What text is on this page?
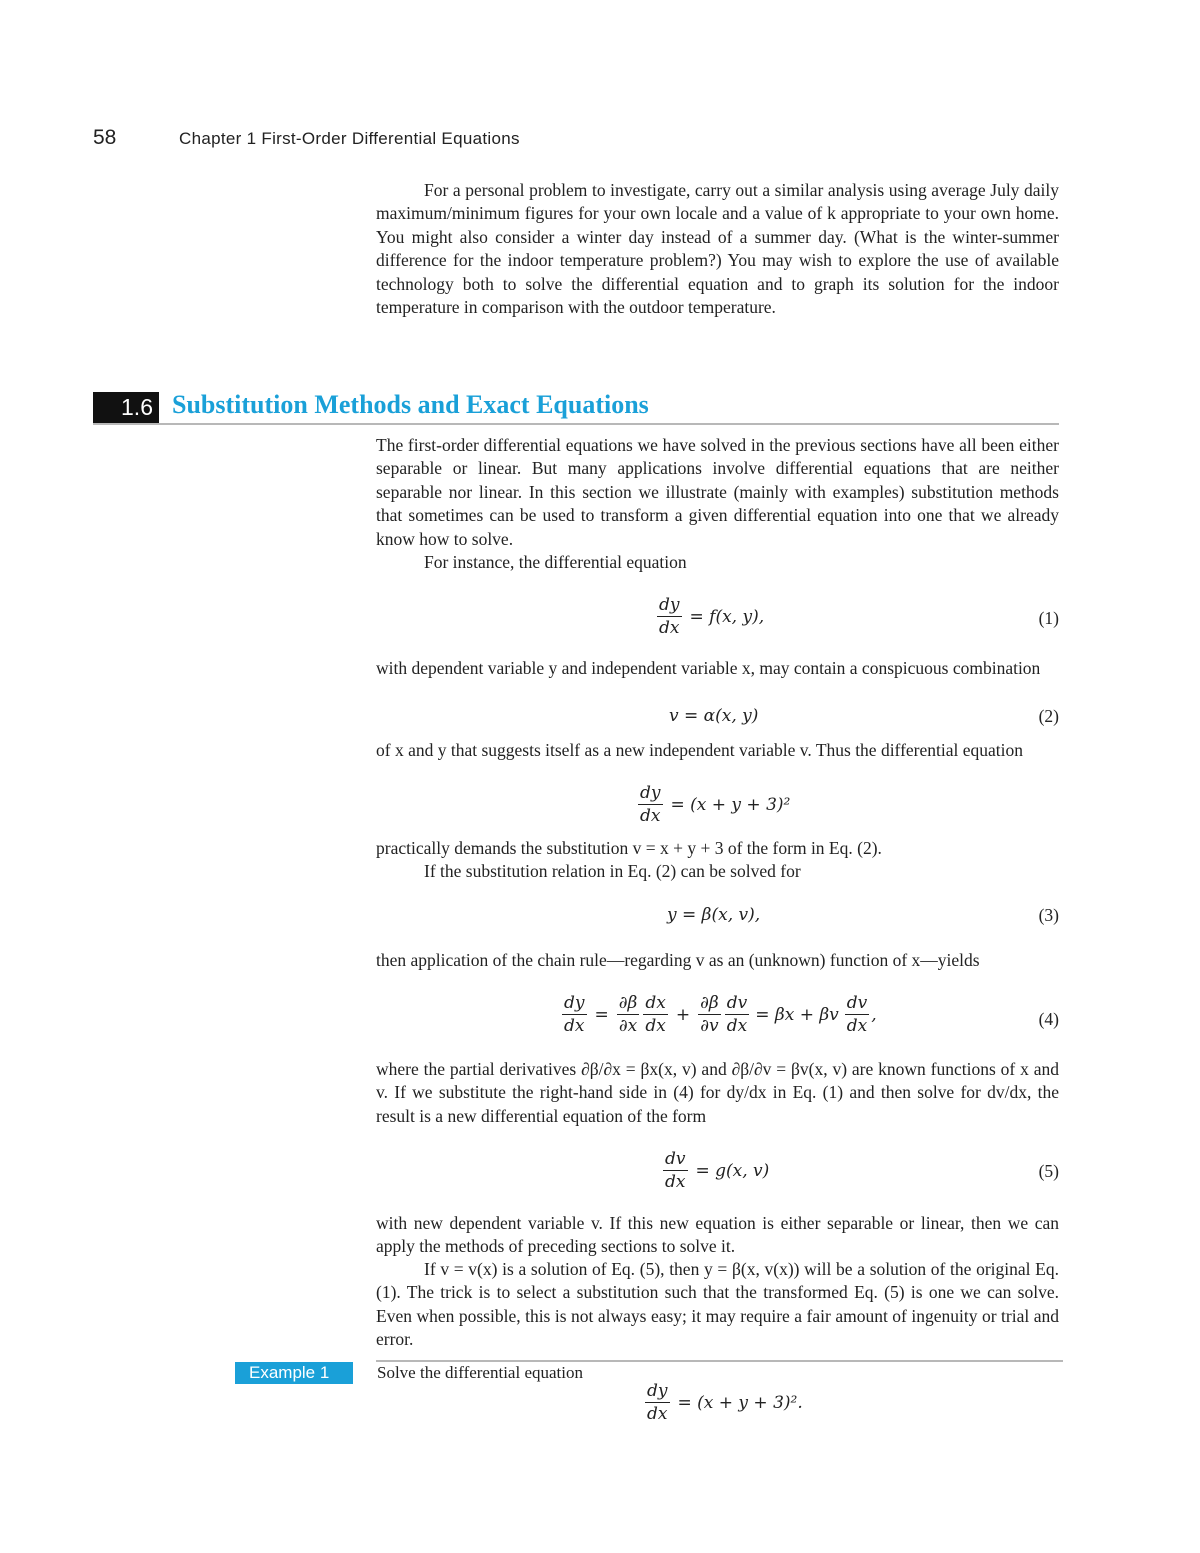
58	Chapter 1 First-Order Differential Equations

For a personal problem to investigate, carry out a similar analysis using average July daily maximum/minimum figures for your own locale and a value of k appropriate to your own home. You might also consider a winter day instead of a summer day. (What is the winter-summer difference for the indoor temperature problem?) You may wish to explore the use of available technology both to solve the differential equation and to graph its solution for the indoor temperature in comparison with the outdoor temperature.

1.6 Substitution Methods and Exact Equations

The first-order differential equations we have solved in the previous sections have all been either separable or linear. But many applications involve differential equations that are neither separable nor linear. In this section we illustrate (mainly with examples) substitution methods that sometimes can be used to transform a given differential equation into one that we already know how to solve.

For instance, the differential equation

$\frac{dy}{dx} = f(x$, y),	(1)

with dependent variable y and independent variable x, may contain a conspicuous combination

v = α(x, y)	(2)

of x and y that suggests itself as a new independent variable v. Thus the differential equation

$\frac{dy}{dx} = (x + y + 3)^2$

practically demands the substitution v = x + y + 3 of the form in Eq. (2).

If the substitution relation in Eq. (2) can be solved for

y = β(x, v),	(3)

then application of the chain rule—regarding v as an (unknown) function of x—yields

$\frac{dy}{dx} = \frac{\partial\beta}{\partial x} \frac{dx}{dx} + \frac{\partial\beta}{\partial v} \frac{dv}{dx} = \beta x + \beta v \frac{dv}{dx}$ ,	(4)

where the partial derivatives ∂β/∂x = βx(x, v) and ∂β/∂v = βv(x, v) are known functions of x and v. If we substitute the right-hand side in (4) for dy/dx in Eq. (1) and then solve for dv/dx, the result is a new differential equation of the form

$\frac{dv}{dx} = g(x$, v)	(5)

with new dependent variable v. If this new equation is either separable or linear, then we can apply the methods of preceding sections to solve it.

If v = v(x) is a solution of Eq. (5), then y = β(x, v(x)) will be a solution of the original Eq. (1). The trick is to select a substitution such that the transformed Eq. (5) is one we can solve. Even when possible, this is not always easy; it may require a fair amount of ingenuity or trial and error.

Example 1	Solve the differential equation
$\frac{dy}{dx} = (x + y + 3)^2$.
